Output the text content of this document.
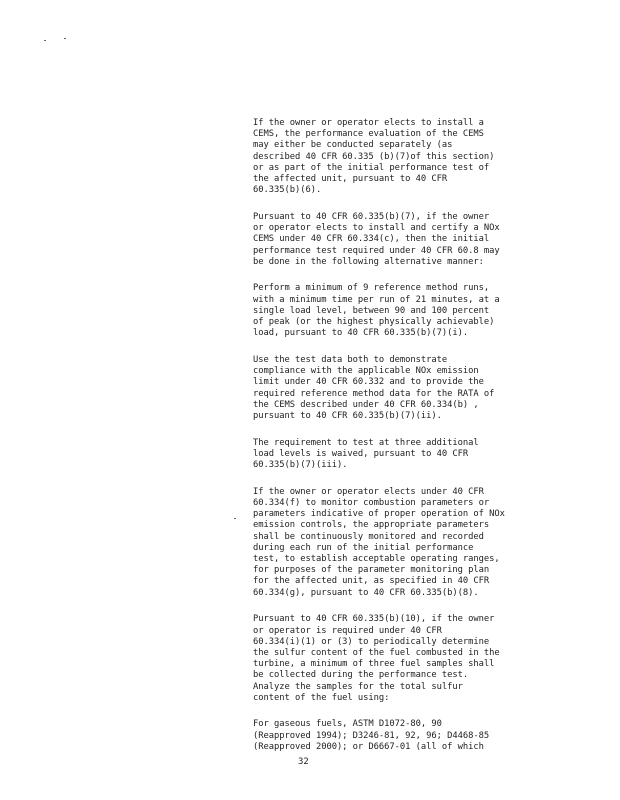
If the owner or operator elects to install a
CEMS, the performance evaluation of the CEMS
may either be conducted separately (as
described 40 CFR 60.335 (b)(7)of this section)
or as part of the initial performance test of
the affected unit, pursuant to 40 CFR
60.335(b)(6).

Pursuant to 40 CFR 60.335(b)(7), if the owner
or operator elects to install and certify a NOx
CEMS under 40 CFR 60.334(c), then the initial
performance test required under 40 CFR 60.8 may
be done in the following alternative manner:

Perform a minimum of 9 reference method runs,
with a minimum time per run of 21 minutes, at a
single load level, between 90 and 100 percent
of peak (or the highest physically achievable)
load, pursuant to 40 CFR 60.335(b)(7)(i).

Use the test data both to demonstrate
compliance with the applicable NOx emission
limit under 40 CFR 60.332 and to provide the
required reference method data for the RATA of
the CEMS described under 40 CFR 60.334(b) ,
pursuant to 40 CFR 60.335(b)(7)(ii).

The requirement to test at three additional
load levels is waived, pursuant to 40 CFR
60.335(b)(7)(iii).

If the owner or operator elects under 40 CFR
60.334(f) to monitor combustion parameters or
parameters indicative of proper operation of NOx
emission controls, the appropriate parameters
shall be continuously monitored and recorded
during each run of the initial performance
test, to establish acceptable operating ranges,
for purposes of the parameter monitoring plan
for the affected unit, as specified in 40 CFR
60.334(g), pursuant to 40 CFR 60.335(b)(8).

Pursuant to 40 CFR 60.335(b)(10), if the owner
or operator is required under 40 CFR
60.334(i)(1) or (3) to periodically determine
the sulfur content of the fuel combusted in the
turbine, a minimum of three fuel samples shall
be collected during the performance test.
Analyze the samples for the total sulfur
content of the fuel using:

For gaseous fuels, ASTM D1072-80, 90
(Reapproved 1994); D3246-81, 92, 96; D4468-85
(Reapproved 2000); or D6667-01 (all of which

32
